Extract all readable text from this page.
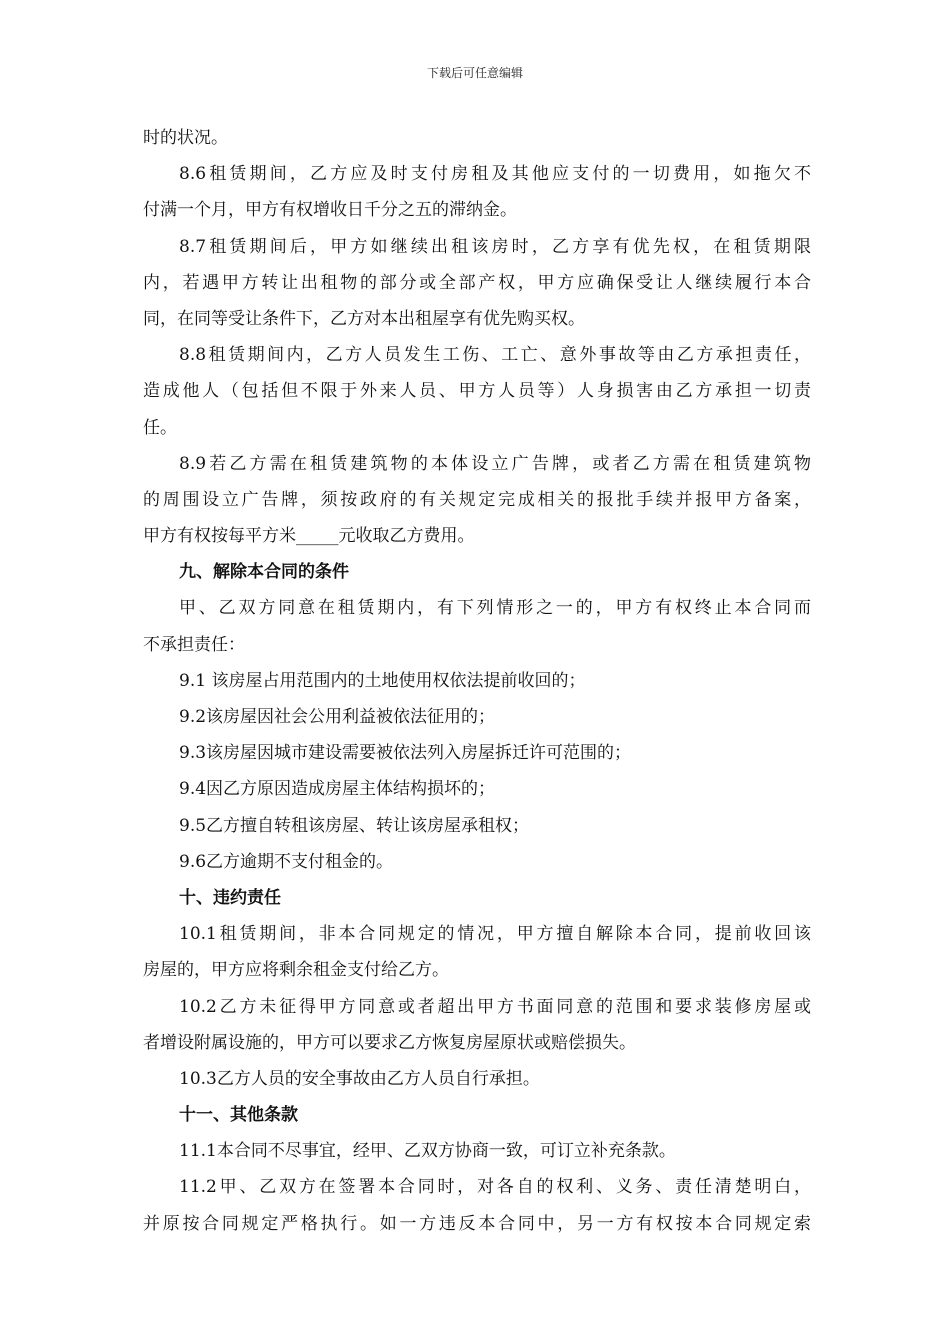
下载后可任意编辑
时的状况。
8.6租赁期间，乙方应及时支付房租及其他应支付的一切费用，如拖欠不
付满一个月，甲方有权增收日千分之五的滞纳金。
8.7租赁期间后，甲方如继续出租该房时，乙方享有优先权，在租赁期限
内，若遇甲方转让出租物的部分或全部产权，甲方应确保受让人继续履行本合
同，在同等受让条件下，乙方对本出租屋享有优先购买权。
8.8租赁期间内，乙方人员发生工伤、工亡、意外事故等由乙方承担责任，
造成他人（包括但不限于外来人员、甲方人员等）人身损害由乙方承担一切责
任。
8.9若乙方需在租赁建筑物的本体设立广告牌，或者乙方需在租赁建筑物
的周围设立广告牌，须按政府的有关规定完成相关的报批手续并报甲方备案，
甲方有权按每平方米_____元收取乙方费用。
九、解除本合同的条件
甲、乙双方同意在租赁期内，有下列情形之一的，甲方有权终止本合同而
不承担责任：
9.1 该房屋占用范围内的土地使用权依法提前收回的；
9.2该房屋因社会公用利益被依法征用的；
9.3该房屋因城市建设需要被依法列入房屋拆迁许可范围的；
9.4因乙方原因造成房屋主体结构损坏的；
9.5乙方擅自转租该房屋、转让该房屋承租权；
9.6乙方逾期不支付租金的。
十、违约责任
10.1租赁期间，非本合同规定的情况，甲方擅自解除本合同，提前收回该
房屋的，甲方应将剩余租金支付给乙方。
10.2乙方未征得甲方同意或者超出甲方书面同意的范围和要求装修房屋或
者增设附属设施的，甲方可以要求乙方恢复房屋原状或赔偿损失。
10.3乙方人员的安全事故由乙方人员自行承担。
十一、其他条款
11.1本合同不尽事宜，经甲、乙双方协商一致，可订立补充条款。
11.2甲、乙双方在签署本合同时，对各自的权利、义务、责任清楚明白，
并原按合同规定严格执行。如一方违反本合同中，另一方有权按本合同规定索
